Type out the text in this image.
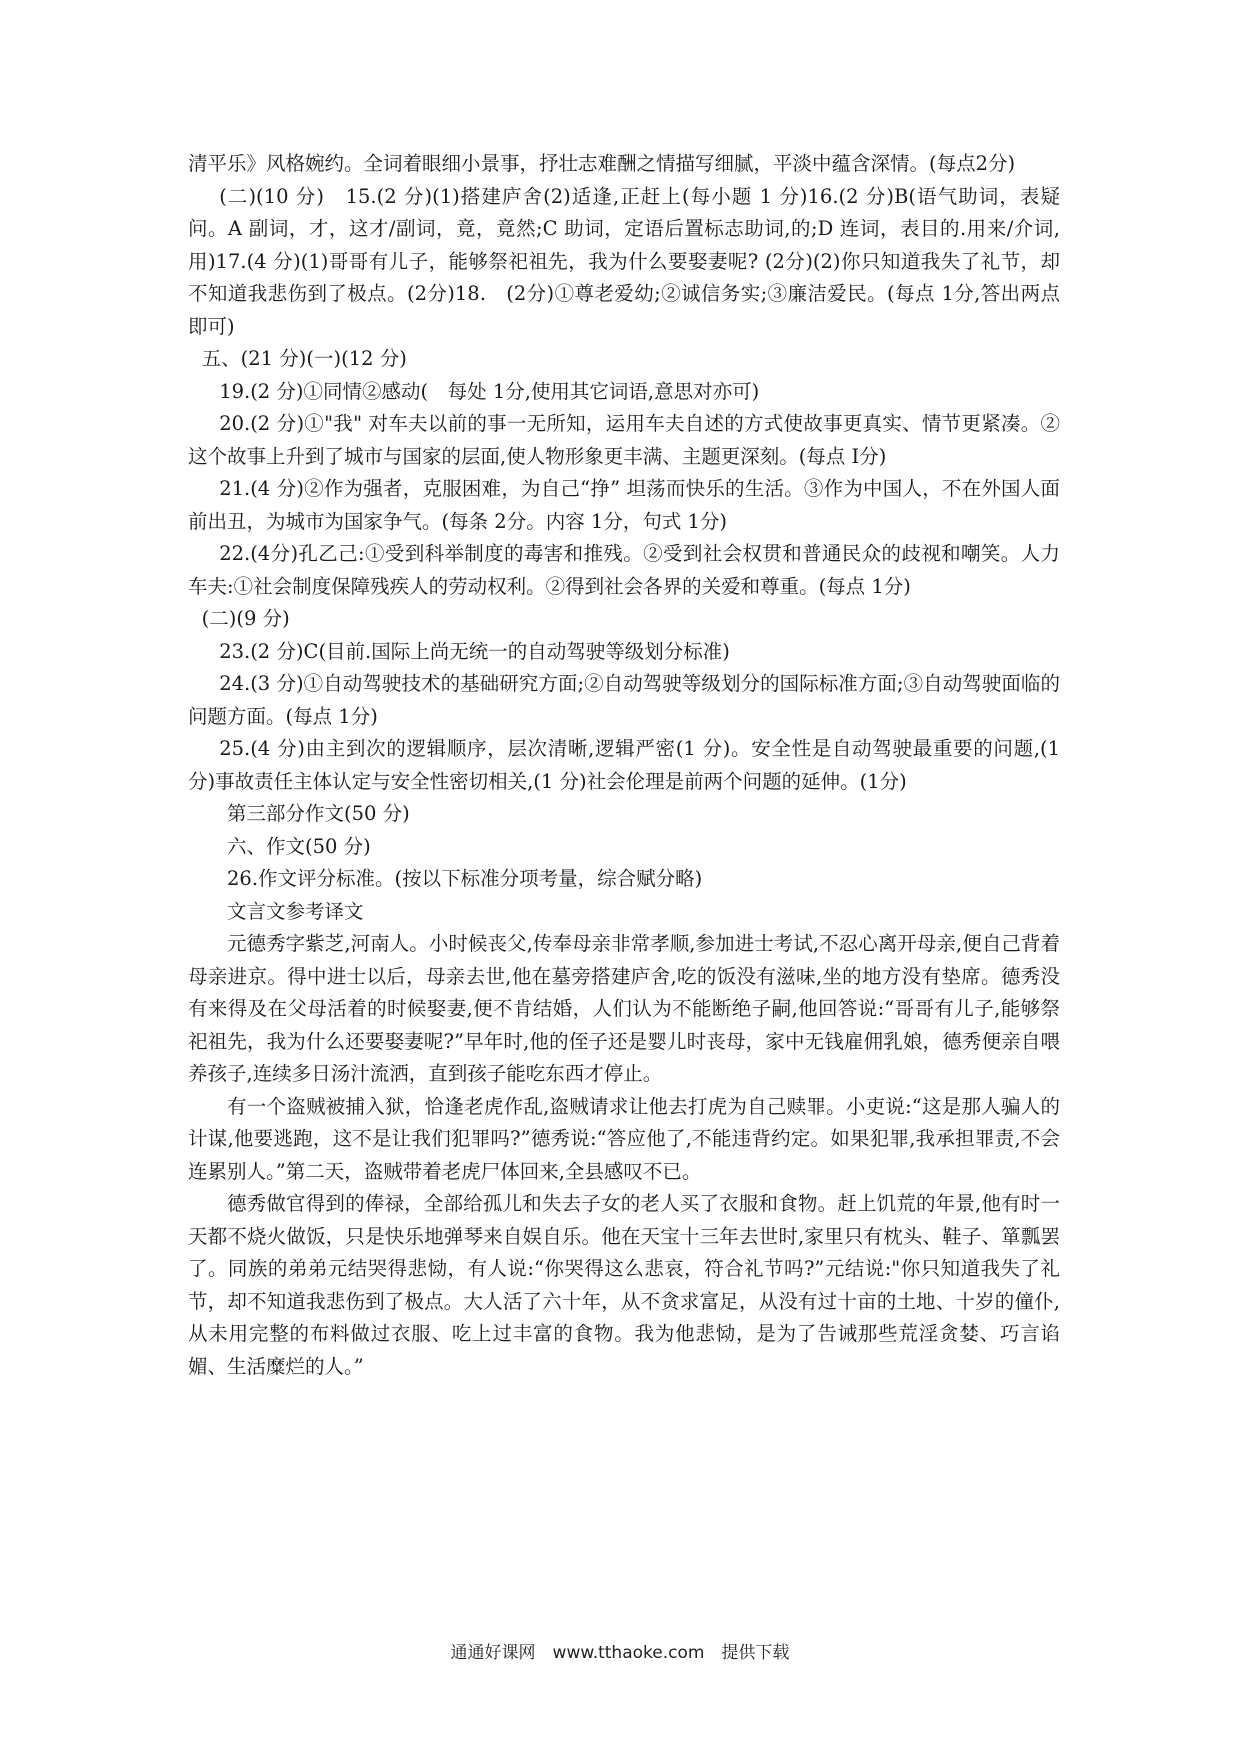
清平乐》风格婉约。全词着眼细小景事，抒壮志难酬之情描写细腻，平淡中蕴含深情。(每点2分)

(二)(10 分)　15.(2 分)(1)搭建庐舍(2)适逢,正赶上(每小题 1 分)16.(2 分)B(语气助词，表疑问。A 副词，才，这才/副词，竟，竟然;C 助词，定语后置标志助词,的;D 连词，表目的.用来/介词,用)17.(4 分)(1)哥哥有儿子，能够祭祀祖先，我为什么要娶妻呢? (2分)(2)你只知道我失了礼节，却不知道我悲伤到了极点。(2分)18.　(2分)①尊老爱幼;②诚信务实;③廉洁爱民。(每点 1分,答出两点即可)

五、(21 分)(一)(12 分)

19.(2 分)①同情②感动(　每处 1分,使用其它词语,意思对亦可)

20.(2 分)①"我" 对车夫以前的事一无所知，运用车夫自述的方式使故事更真实、情节更紧凑。②这个故事上升到了城市与国家的层面,使人物形象更丰满、主题更深刻。(每点 I分)

21.(4 分)②作为强者，克服困难，为自己“挣” 坦荡而快乐的生活。③作为中国人，不在外国人面前出丑，为城市为国家争气。(每条 2分。内容 1分，句式 1分)

22.(4分)孔乙己:①受到科举制度的毒害和推残。②受到社会权贯和普通民众的歧视和嘲笑。人力车夫:①社会制度保障残疾人的劳动权利。②得到社会各界的关爱和尊重。(每点 1分)

(二)(9 分)

23.(2 分)C(目前.国际上尚无统一的自动驾驶等级划分标准)

24.(3 分)①自动驾驶技术的基础研究方面;②自动驾驶等级划分的国际标准方面;③自动驾驶面临的问题方面。(每点 1分)

25.(4 分)由主到次的逻辑顺序，层次清晰,逻辑严密(1 分)。安全性是自动驾驶最重要的问题,(1 分)事故责任主体认定与安全性密切相关,(1 分)社会伦理是前两个问题的延伸。(1分)

第三部分作文(50 分)

六、作文(50 分)

26.作文评分标准。(按以下标准分项考量，综合赋分略)

文言文参考译文

元德秀字紫芝,河南人。小时候丧父,传奉母亲非常孝顺,参加进士考试,不忍心离开母亲,便自己背着母亲进京。得中进士以后，母亲去世,他在墓旁搭建庐舍,吃的饭没有滋味,坐的地方没有垫席。德秀没有来得及在父母活着的时候娶妻,便不肯结婚，人们认为不能断绝子嗣,他回答说:“哥哥有儿子,能够祭祀祖先，我为什么还要娶妻呢?”早年时,他的侄子还是婴儿时丧母，家中无钱雇佣乳娘，德秀便亲自喂养孩子,连续多日汤汁流洒，直到孩子能吃东西才停止。

有一个盗贼被捕入狱，恰逢老虎作乱,盗贼请求让他去打虎为自己赎罪。小吏说:“这是那人骗人的计谋,他要逃跑，这不是让我们犯罪吗?”德秀说:“答应他了,不能违背约定。如果犯罪,我承担罪责,不会连累别人。”第二天，盗贼带着老虎尸体回来,全县感叹不已。

德秀做官得到的俸禄，全部给孤儿和失去子女的老人买了衣服和食物。赶上饥荒的年景,他有时一天都不烧火做饭，只是快乐地弹琴来自娱自乐。他在天宝十三年去世时,家里只有枕头、鞋子、箪瓢罢了。同族的弟弟元结哭得悲恸，有人说:“你哭得这么悲哀，符合礼节吗?”元结说:"你只知道我失了礼节，却不知道我悲伤到了极点。大人活了六十年，从不贪求富足，从没有过十亩的土地、十岁的僮仆,从未用完整的布料做过衣服、吃上过丰富的食物。我为他悲恸，是为了告诫那些荒淫贪婪、巧言谄媚、生活糜烂的人。”

通通好课网　www.tthaoke.com　提供下载
